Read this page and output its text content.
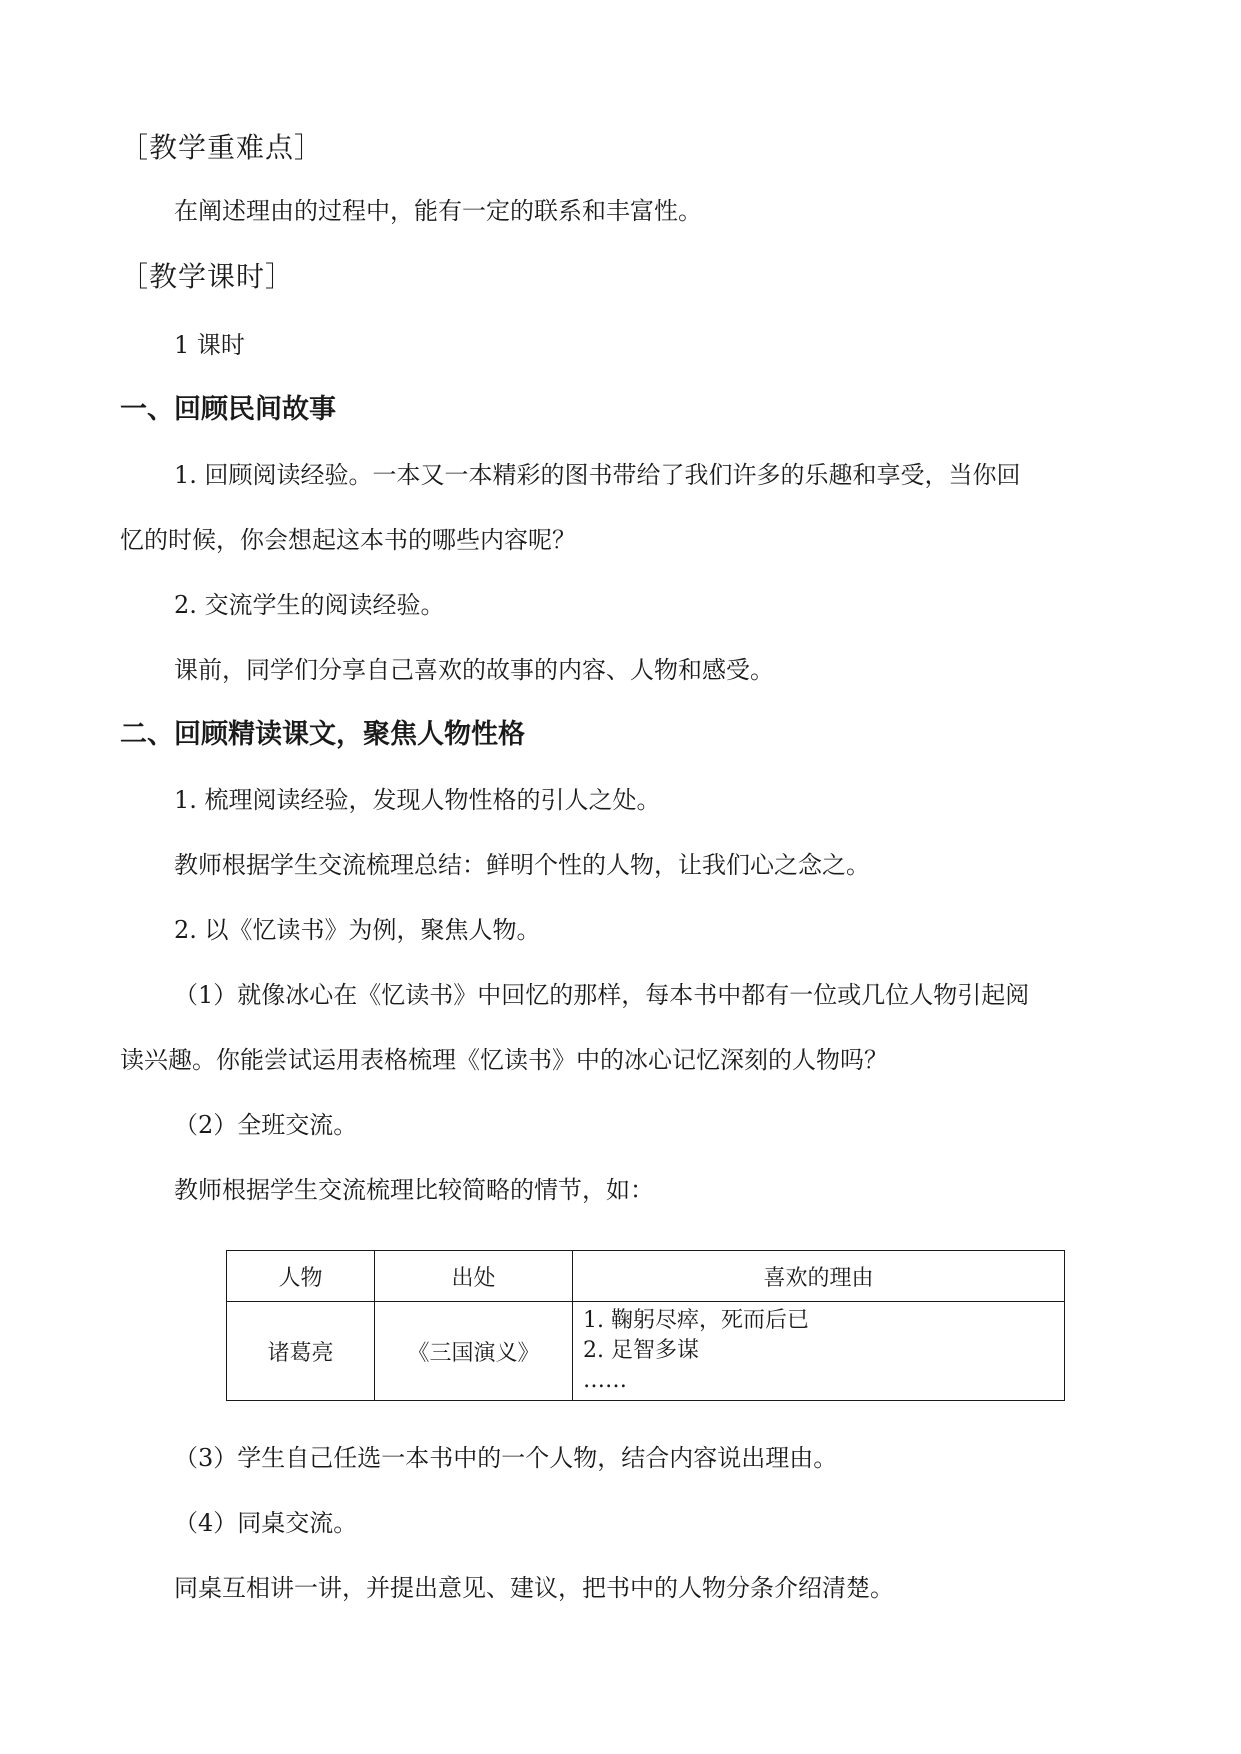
［教学重难点］
在阐述理由的过程中，能有一定的联系和丰富性。
［教学课时］
1 课时
一、回顾民间故事
1. 回顾阅读经验。一本又一本精彩的图书带给了我们许多的乐趣和享受，当你回
忆的时候，你会想起这本书的哪些内容呢？
2. 交流学生的阅读经验。
课前，同学们分享自己喜欢的故事的内容、人物和感受。
二、回顾精读课文，聚焦人物性格
1. 梳理阅读经验，发现人物性格的引人之处。
教师根据学生交流梳理总结：鲜明个性的人物，让我们心之念之。
2. 以《忆读书》为例，聚焦人物。
（1）就像冰心在《忆读书》中回忆的那样，每本书中都有一位或几位人物引起阅
读兴趣。你能尝试运用表格梳理《忆读书》中的冰心记忆深刻的人物吗？
（2）全班交流。
教师根据学生交流梳理比较简略的情节，如：
人物	出处	喜欢的理由
诸葛亮	《三国演义》	1. 鞠躬尽瘁，死而后已
2. 足智多谋
……
（3）学生自己任选一本书中的一个人物，结合内容说出理由。
（4）同桌交流。
同桌互相讲一讲，并提出意见、建议，把书中的人物分条介绍清楚。
